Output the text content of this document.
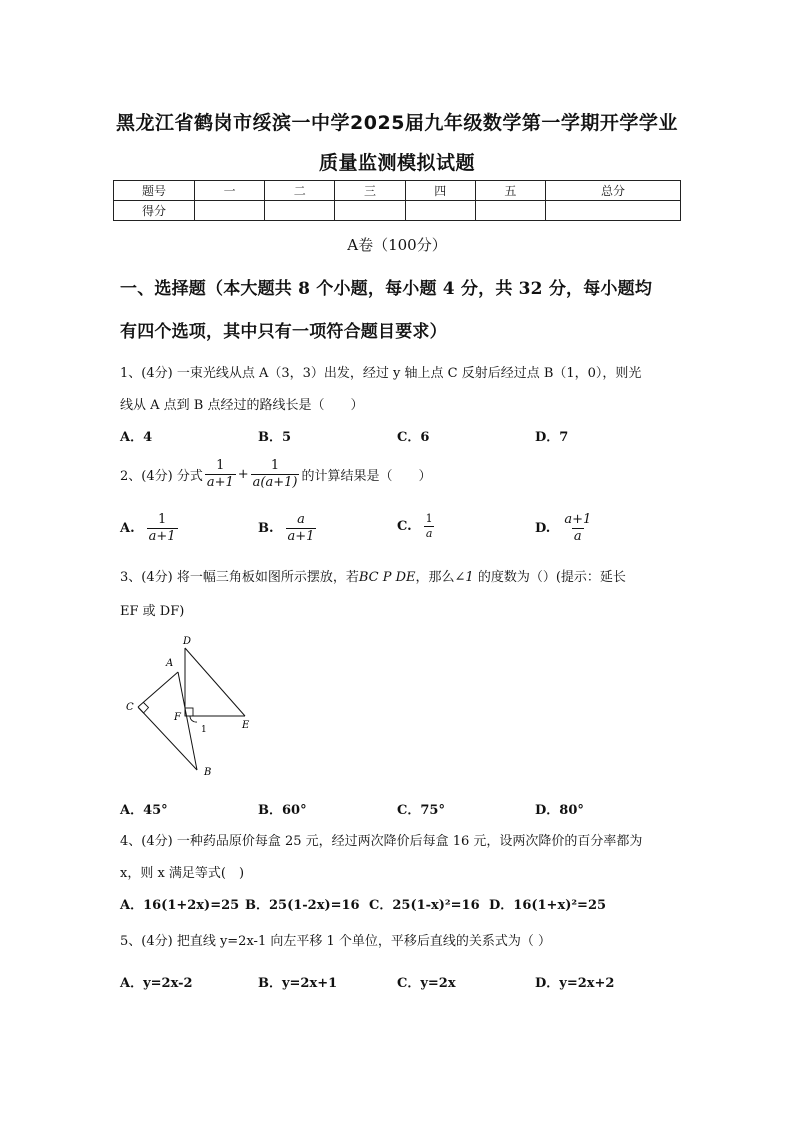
黑龙江省鹤岗市绥滨一中学2025届九年级数学第一学期开学学业
质量监测模拟试题
题号	一	二	三	四	五	总分
得分						
A卷（100分）
一、选择题（本大题共 8 个小题，每小题 4 分，共 32 分，每小题均
有四个选项，其中只有一项符合题目要求）
1、(4分) 一束光线从点 A（3，3）出发，经过 y 轴上点 C 反射后经过点 B（1，0），则光
线从 A 点到 B 点经过的路线长是（　　）
A．4	B．5	C．6	D．7
2、(4分) 分式 $\frac{1}{a+1} + \frac{1}{a(a+1)}$ 的计算结果是（　　）
A. $\frac{1}{a+1}$	B. $\frac{a}{a+1}$	C. $\frac{1}{a}$	D. $\frac{a+1}{a}$
3、(4分) 将一幅三角板如图所示摆放，若BC P DE，那么∠1 的度数为（）(提示：延长
EF 或 DF)
D
A
C
F
E
1
B
A．45°	B．60°	C．75°	D．80°
4、(4分) 一种药品原价每盒 25 元，经过两次降价后每盒 16 元，设两次降价的百分率都为
x，则 x 满足等式(　)
A．16(1+2x)=25 B．25(1-2x)=16 C．25(1-x)²=16 D．16(1+x)²=25
5、(4分) 把直线 y=2x-1 向左平移 1 个单位，平移后直线的关系式为（ ）
A．y=2x-2	B．y=2x+1	C．y=2x	D．y=2x+2
